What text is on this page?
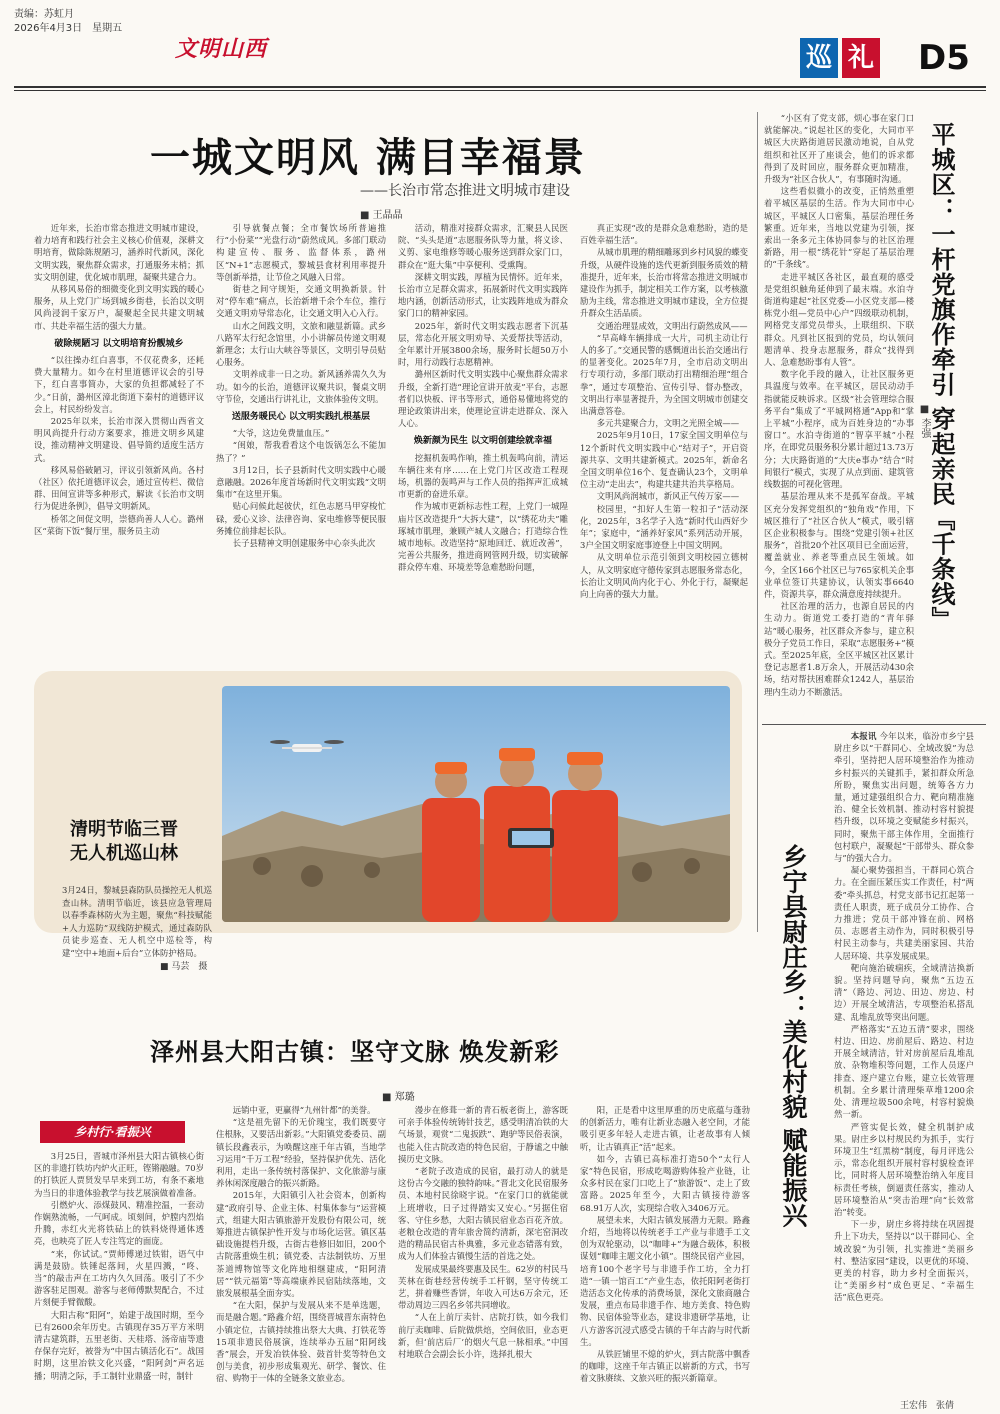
责编：苏虹月
2026年4月3日　星期五
文明山西	巡 礼 D5
一城文明风 满目幸福景
——长治市常态推进文明城市建设
■ 王晶晶

近年来，长治市常态推进文明城市建设，着力培育和践行社会主义核心价值观，深耕文明培育，做除陈规陋习，涵养时代新风，深化文明实践，聚焦群众需求，打通服务末梢；抓实文明创建，优化城市肌理，凝聚共建合力。

从移风易俗的细微变化到文明实践的暖心服务，从上党门广场到城乡街巷，长治以文明风尚浸润千家万户，凝聚起全民共建文明城市、共赴幸福生活的强大力量。

破除规陋习 以文明培育扮靓城乡

“以往操办红白喜事，不仅花费多，还耗费大量精力。如今在村里道德评议会的引导下，红白喜事简办，大家的负担都减轻了不少。”日前，潞州区漳北街道下秦村的道德评议会上，村民纷纷发言。

2025年以来，长治市深入贯彻山西省文明风尚提升行动方案要求，推进文明乡风建设，推动精神文明建设、倡导简约适度生活方式。

移风易俗破陋习，评议引领新风尚。各村（社区）依托道德评议会，通过宣传栏、微信群、田间宣讲等多种形式，解读《长治市文明行为促进条例》，倡导文明新风。

桥邻之间促文明，崇德尚善人人心。潞州区“菜街下饭”餐厅里，服务员主动

引导就餐点餐；全市餐饮场所普遍推行“小份菜”“光盘行动”蔚然成风。多部门联动构建宣传、服务、监督体系，潞州区“N+1”志愿模式，黎城县食材利用率提升等创新举措，让节俭之风融入日常。

街巷之间守规矩，交通文明换新景。针对“停车难”痛点，长治新增千余个车位，推行交通文明劝导常态化，让交通文明入心入行。

山水之间践文明，文旅和融显新篇。武乡八路军太行纪念馆里，小小讲解员传递文明观新理念；太行山大峡谷等景区，文明引导员贴心服务。

文明养成非一日之功。新风涵养需久久为功。如今的长治，道德评议聚共识，餐桌文明守节俭，交通出行讲礼让，文旅体验传文明。

送服务暖民心 以文明实践扎根基层

“大爷，这边免费量血压。”

“闺娘，帮我看看这个电饭锅怎么不能加热了？”

3月12日，长子县新时代文明实践中心暖意融融。2026年度首场新时代文明实践“文明集市”在这里开集。

贴心问候此起彼伏，红色志愿马甲穿梭忙碌，爱心义诊、法律咨询、家电维修等便民服务摊位前排起长队。

长子县精神文明创建服务中心奈头此次

活动，精准对接群众需求，汇聚县人民医院、“头头是道”志愿服务队等力量，将义诊、义剪、家电维修等暖心服务送到群众家门口，群众在“逛大集”中享便利、受熏陶。

深耕文明实践，厚植为民情怀。近年来，长治市立足群众需求，拓展新时代文明实践阵地内涵，创新活动形式，让实践阵地成为群众家门口的精神家园。

2025年，新时代文明实践志愿者下沉基层，常态化开展文明劝导、关爱帮扶等活动，全年累计开展3800余场，服务时长超50万小时，用行动践行志愿精神。

潞州区新时代文明实践中心聚焦群众需求升级，全新打造“理论宣讲开放麦”平台，志愿者们以快板、评书等形式，通俗易懂地将党的理论政策讲出来，使理论宣讲走进群众、深入人心。

焕新颜为民生 以文明创建绘就幸福

挖掘机轰鸣作响，推土机轰鸣向前，清运车辆往来有序……在上党门片区改造工程现场，机器的轰鸣声与工作人员的指挥声汇成城市更新的奋进乐章。

作为城市更新标志性工程，上党门一城隍庙片区改造提升“大拆大建”，以“绣花功夫”雕琢城市肌理，兼顾产城人文融合；打造综合性城市地标。改造坚持“原地回迁、就近改善”，完善公共服务，推进商网管网升级，切实破解群众停车难、环境差等急难愁盼问题，

真正实现“改的是群众急难愁盼，造的是百姓幸福生活”。

从城市肌理的精细雕琢到乡村风貌的蝶变升级，从硬件设施的迭代更新到服务质效的精准提升，近年来，长治市将常态推进文明城市建设作为抓手，制定相关工作方案，以考核激励为主线，常态推进文明城市建设，全方位提升群众生活品质。

交通治理显成效，文明出行蔚然成风——

“早高峰车辆排成一大片，司机主动让行人的多了。”交通民警的感慨道出长治交通出行的显著变化。2025年7月，全市启动文明出行专项行动，多部门联动打出精细治理“组合拳”，通过专项整治、宣传引导、督办整改，文明出行率显著提升，为全国文明城市创建交出满意答卷。

多元共建聚合力，文明之光照全城——

2025年9月10日，17家全国文明单位与12个新时代文明实践中心“结对子”，开启资源共享、文明共建新模式。2025年，新命名全国文明单位16个、复查确认23个，文明单位主动“走出去”，构建共建共治共享格局。

文明风尚润城市，新风正气传万家——

校园里，“扣好人生第一粒扣子”活动深化，2025年，3名学子入选“新时代山西好少年”；家庭中，“涵养好家风”系列活动开展，3户全国文明家庭事迹登上中国文明网。

从文明单位示范引领到文明校园立德树人，从文明家庭守德传家到志愿服务常态化，长治让文明风尚内化于心、外化于行，凝聚起向上向善的强大力量。

“小区有了党支部，烦心事在家门口就能解决。”说起社区的变化，大同市平城区大庆路街道居民激动地说，自从党组织和社区开了座谈会，他们的诉求都得到了及时回应，服务群众更加精准，升级为“社区合伙人”，有事随时沟通。

这些看似微小的改变，正悄然重塑着平城区基层的生活。作为大同市中心城区，平城区人口密集，基层治理任务繁重。近年来，当地以党建为引领，探索出一条多元主体协同参与的社区治理新路，用一根“绣花针”穿起了基层治理的“千条线”。

走进平城区各社区，最直观的感受是党组织触角延伸到了最末端。水泊寺街道构建起“社区党委—小区党支部—楼栋党小组—党员中心户”四级联动机制，网格党支部党员带头，上联组织、下联群众。凡到社区报到的党员，均认领问题清单、投身志愿服务，群众“找得到人、急难愁盼事有人管”。

数字化手段的融入，让社区服务更具温度与效率。在平城区，居民动动手指就能反映诉求。区级“社会管理综合服务平台”集成了“平城网格通”App和“掌上平城”小程序，成为百姓身边的“办事窗口”。水泊寺街道的“智享平城”小程序，在即党员服务积分累计超过13.73万分；大庆路街道的“大庆e事办”结合“时间银行”模式，实现了从点到面、建筑管线数据的可视化管理。

基层治理从来不是孤军奋战。平城区充分发挥党组织的“独角戏”作用，下城区推行了“社区合伙人”模式，吸引辖区企业积极参与。围绕“党建引领+社区服务”，首批20个社区项目已全面运营，覆盖就业、养老等重点民生领域。如今，全区166个社区已与765家机关企事业单位签订共建协议，认领实事6640件，资源共享，群众满意度持续提升。

社区治理的活力，也源自居民的内生动力。街道党工委打造的“青年驿站”暖心服务，社区群众齐参与，建立积极分子党员工作日，采取“志愿服务+”模式。至2025年底，全区平城区社区累计登记志愿者1.8万余人，开展活动430余场，结对帮扶困难群众1242人，基层治理内生动力不断激活。

平城区：一杆党旗作牵引 穿起亲民『千条线』
■ 李强
乡宁县尉庄乡：美化村貌 赋能振兴

本报讯 今年以来，临汾市乡宁县尉庄乡以“干群同心、全域改貌”为总牵引，坚持把人居环境整治作为推动乡村振兴的关键抓手，紧扣群众所急所盼，聚焦实出问题，统筹各方力量，通过建强组织合力、靶向精准施治、健全长效机制、推动村容村貌提档升级，以环境之变赋能乡村振兴，同时，聚焦干部主体作用，全面推行包村联户，凝聚起“干部带头、群众参与”的强大合力。

凝心聚势强担当，干群同心筑合力。在全面压紧压实工作责任，村“两委”牵头抓总，村党支部书记扛起第一责任人职责，班子成员分工协作、合力推进；党员干部冲锋在前、网格员、志愿者主动作为，同时积极引导村民主动参与，共建美丽家园、共治人居环境、共享发展成果。

靶向施治破痼疾，全域清洁换新貌。坚持问题导向，聚焦“五边五清”（路边、河边、田边、房边、村边）开展全域清洁，专项整治私搭乱建、乱堆乱放等突出问题。

严格落实“五边五清”要求，围绕村边、田边、房前屋后、路边、村边开展全域清洁，针对房前屋后乱堆乱放、杂物堆积等问题，工作人员逐户排查、逐户建立台账，建立长效管理机制。全乡累计清理柴草堆1200余处、清理垃圾500余吨，村容村貌焕然一新。

严管实促长效，健全机制护成果。尉庄乡以村规民约为抓手，实行环境卫生“红黑榜”制度，每月评选公示，常态化组织开展村容村貌检查评比，同时将人居环境整治纳入年度目标责任考核，倒逼责任落实，推动人居环境整治从“突击治理”向“长效常治”转变。

下一步，尉庄乡将持续在巩固提升上下功夫，坚持以“以干群同心、全域改貌”为引领，扎实推进“美丽乡村、整洁家园”建设，以更优的环境、更美的村容，助力乡村全面振兴，让“美丽乡村”成色更足、“幸福生活”底色更亮。

王宏伟　张倩
清明节临三晋
无人机巡山林
3月24日，黎城县森防队员操控无人机巡查山林。清明节临近，该县应急管理局以春季森林防火为主题，聚焦“科技赋能+人力巡防”双线防护模式，通过森防队员徒步巡查、无人机空中巡检等，构建“空中+地面+后台”立体防护格局。
■ 马芸　摄
泽州县大阳古镇：坚守文脉 焕发新彩
■ 郑璐
乡村行·看振兴

3月25日，晋城市泽州县大阳古镇核心街区的非遗打铁坊内炉火正旺，铿锵融融。70岁的打铁匠人贾贤发早早来到工坊，有条不紊地为当日的非遗体验教学与技艺展演做着准备。

引燃炉火、添煤鼓风、精准控温，一套动作娴熟流畅，一气呵成。顷刻间，炉膛内烈焰升腾，赤红火光将铁砧上的铁料烧得通体透亮，也映亮了匠人专注笃定的面庞。

“来，你试试。”贾师傅递过铁钳，语气中满是鼓励。铁锤起落间，火星四溅，“咚、当”的敲击声在工坊内久久回荡。吸引了不少游客驻足围观。游客与老师傅默契配合，不过片刻便手臂微酸。

大阳古称“阳阿”，始建于战国时期，至今已有2600余年历史。古镇现存35万平方米明清古建筑群，五里老街、天桂塔、汤帝庙等遗存保存完好，被誉为“中国古镇活化石”。战国时期，这里冶铁文化兴盛，“阳阿剑”声名远播；明清之际，手工制针业鼎盛一时，制针

远销中亚，更赢得“九州针都”的美誉。

“这是祖先留下的无价瑰宝，我们既要守住根脉，又要活出新彩。”大阳镇党委委员、副镇长段鑫表示，为唤醒这座千年古镇，当地学习运用“千万工程”经验，坚持保护优先、活化利用，走出一条传统村落保护、文化旅游与康养休闲深度融合的振兴新路。

2015年，大阳镇引入社会资本，创新构建“政府引导、企业主体、村集体参与”运营模式，组建大阳古镇旅游开发股份有限公司，统筹推进古镇保护性开发与市场化运营。镇区基础设施提档升级，古街古巷修旧如旧，200个古院落重焕生机；镇党委、古法制铁坊、万里茶道博物馆等文化阵地相继建成，“阳阿清居”“铁元福第”等高端康养民宿陆续落地，文旅发展根基全面夯实。

“在大阳，保护与发展从来不是单选题，而是融合题。”路鑫介绍，围绕晋城晋东南特色小镇定位，古镇持续推出祭大大典、打铁花等15项非遗民俗展演，连续举办五届“阳阿线香”展会，开发冶铁体验、鼓首针奖等特色文创与美食，初步形成集观光、研学、餐饮、住宿、购物于一体的全链条文旅业态。

漫步在修葺一新的青石板老街上，游客既可亲手体验传统铸针技艺，感受明清冶铁的大气场景，观赏“二鬼扳跌”、跑驴等民俗表演，也能入住古院改造的特色民宿，于静谧之中触摸历史文脉。

“老院子改造成的民宿，最打动人的就是这份古今交融的独特韵味。”晋北文化民宿服务员、本地村民徐晓宇说。“在家门口的就能就上班增收，日子过得踏实又安心。”另据住宿客、守住乡愁，大阳古镇民宿业态百花齐放。老粮仓改造的青年旅舍简约清新，深宅窑洞改造的精品民宿古朴典雅，多元业态错落有致，成为人们体验古镇慢生活的首选之处。

发展成果最终要惠及民生。62岁的村民马芙林在街巷经营传统手工杆钢，坚守传统工艺，拼着赚些香饼，年收入可达6万余元，还带动周边三四名乡邻共同增收。

“人在上前厅卖针、店院打铁，如今我们前厅卖咖啡、后院做烘焙，空间依旧，业态更新，但‘前店后厂’的烟火气息一脉相承。”中国村地联合会副会长小许，选择扎根大

阳，正是看中这里厚重的历史底蕴与蓬勃的创新活力，唯有让新业态融入老空间，才能吸引更多年轻人走进古镇，让老故事有人倾听，让古镇真正“活”起来。

如今，古镇已高标准打造50个“太行人家”特色民宿，形成吃喝游购体验产业链，让众多村民在家门口吃上了“旅游饭”、走上了致富路。2025年至今，大阳古镇接待游客68.91万人次，实现综合收入3406万元。

展望未来，大阳古镇发展潜力无限。路鑫介绍，当地将以传统老手工产业与非遗手工文创为双轮驱动，以“咖啡+”为融合载体，积极谋划“咖啡主题文化小镇”。围绕民宿产业园，培育100个老字号与非遗手作工坊，全力打造“一镇一馆百工”产业生态，依托阳阿老街打造活态文化传承的消费场景，深化文旅商融合发展，重点布局非遗手作、地方美食、特色购物、民宿体验等业态，建设非遗研学基地，让八方游客沉浸式感受古镇的千年古韵与时代新生。

从铁匠铺里不熄的炉火，到古院落中飘香的咖啡，这座千年古镇正以崭新的方式，书写着文脉赓续、文旅兴旺的振兴新篇章。
